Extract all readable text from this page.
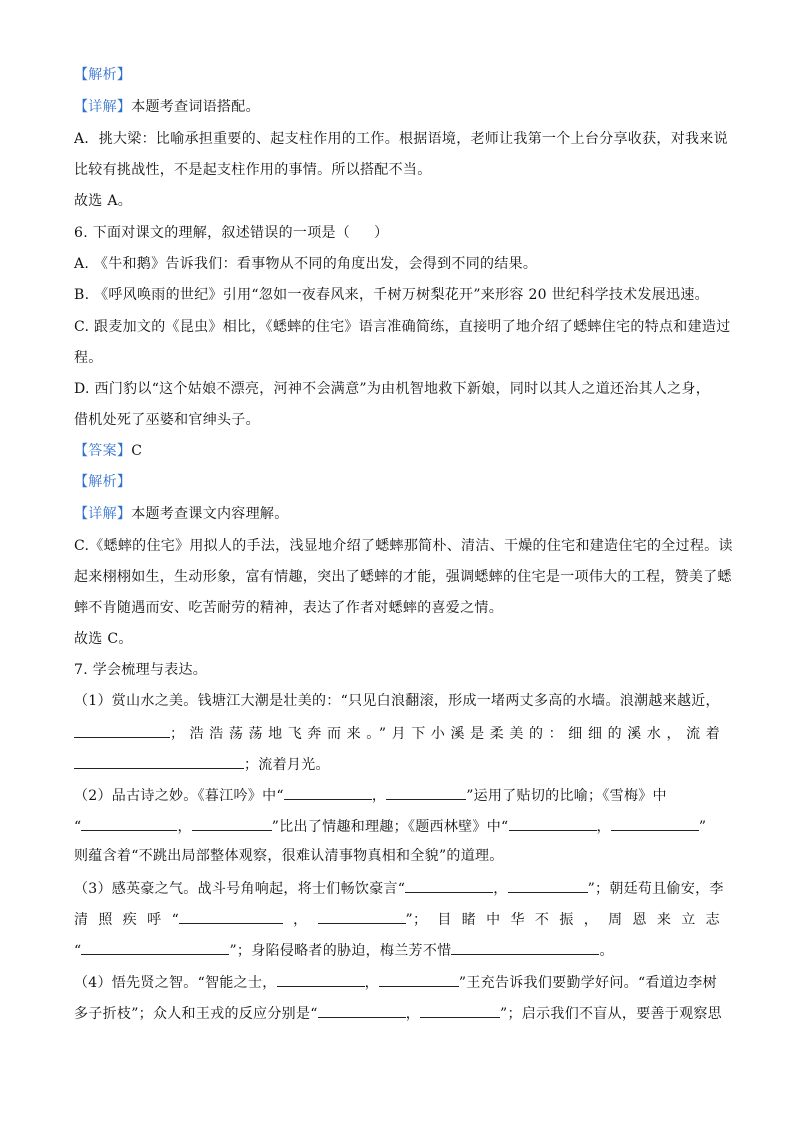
【解析】
【详解】本题考查词语搭配。
A．挑大梁：比喻承担重要的、起支柱作用的工作。根据语境，老师让我第一个上台分享收获，对我来说
比较有挑战性，不是起支柱作用的事情。所以搭配不当。
故选 A。
6. 下面对课文的理解，叙述错误的一项是（ ）
A. 《牛和鹅》告诉我们：看事物从不同的角度出发，会得到不同的结果。
B. 《呼风唤雨的世纪》引用“忽如一夜春风来，千树万树梨花开”来形容 20 世纪科学技术发展迅速。
C. 跟麦加文的《昆虫》相比，《蟋蟀的住宅》语言准确简练，直接明了地介绍了蟋蟀住宅的特点和建造过
程。
D. 西门豹以“这个姑娘不漂亮，河神不会满意”为由机智地救下新娘，同时以其人之道还治其人之身，
借机处死了巫婆和官绅头子。
【答案】C
【解析】
【详解】本题考查课文内容理解。
C.《蟋蟀的住宅》用拟人的手法，浅显地介绍了蟋蟀那简朴、清洁、干燥的住宅和建造住宅的全过程。读
起来栩栩如生，生动形象，富有情趣，突出了蟋蟀的才能，强调蟋蟀的住宅是一项伟大的工程，赞美了蟋
蟀不肯随遇而安、吃苦耐劳的精神，表达了作者对蟋蟀的喜爱之情。
故选 C。
7. 学会梳理与表达。
（1）赏山水之美。钱塘江大潮是壮美的：“只见白浪翻滚，形成一堵两丈多高的水墙。浪潮越来越近，
；浩浩荡荡地飞奔而来。”月下小溪是柔美的：细细的溪水，流着
；流着月光。
（2）品古诗之妙。《暮江吟》中“	，	”运用了贴切的比喻；《雪梅》中
“	，	”比出了情趣和理趣；《题西林壁》中“	，	”
则蕴含着“不跳出局部整体观察，很难认清事物真相和全貌”的道理。
（3）感英豪之气。战斗号角响起，将士们畅饮豪言“	，	”；朝廷苟且偷安，李
清照疾呼“	，	”；目睹中华不振，周恩来立志
“	”；身陷侵略者的胁迫，梅兰芳不惜	。
（4）悟先贤之智。“智能之士，	，	”王充告诉我们要勤学好问。“看道边李树
多子折枝”；众人和王戎的反应分别是“	，	”；启示我们不盲从，要善于观察思
